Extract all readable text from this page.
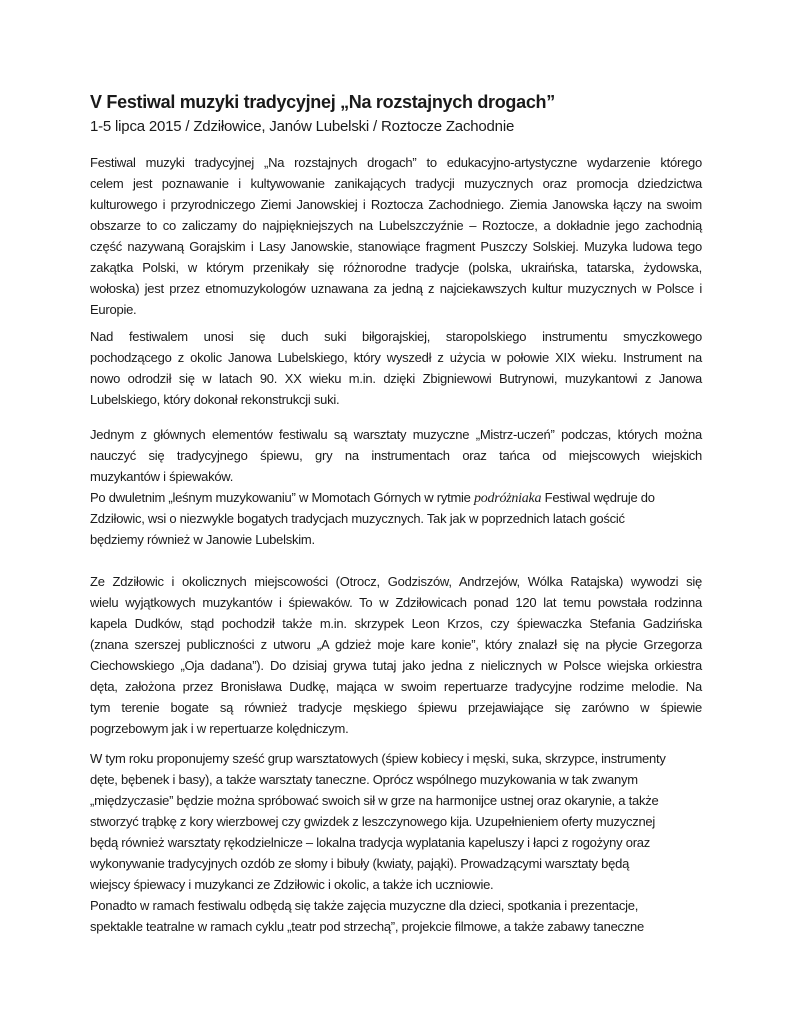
V Festiwal muzyki tradycyjnej „Na rozstajnych drogach”
1-5 lipca 2015 / Zdziłowice, Janów Lubelski / Roztocze Zachodnie
Festiwal muzyki tradycyjnej „Na rozstajnych drogach” to edukacyjno-artystyczne wydarzenie którego
celem jest poznawanie i kultywowanie zanikających tradycji muzycznych oraz promocja dziedzictwa
kulturowego i przyrodniczego Ziemi Janowskiej i Roztocza Zachodniego. Ziemia Janowska łączy na swoim
obszarze to co zaliczamy do najpiękniejszych na Lubelszczyźnie – Roztocze, a dokładnie jego zachodnią
część nazywaną Gorajskim i Lasy Janowskie, stanowiące fragment Puszczy Solskiej. Muzyka ludowa tego
zakątka Polski, w którym przenikały się różnorodne tradycje (polska, ukraińska, tatarska, żydowska,
wołoska) jest przez etnomuzykologów uznawana za jedną z najciekawszych kultur muzycznych w Polsce i
Europie.
Nad festiwalem unosi się duch suki biłgorajskiej, staropolskiego instrumentu smyczkowego
pochodzącego z okolic Janowa Lubelskiego, który wyszedł z użycia w połowie XIX wieku. Instrument na
nowo odrodził się w latach 90. XX wieku m.in. dzięki Zbigniewowi Butrynowi, muzykantowi z Janowa
Lubelskiego, który dokonał rekonstrukcji suki.
Jednym z głównych elementów festiwalu są warsztaty muzyczne „Mistrz-uczeń” podczas, których można
nauczyć się tradycyjnego śpiewu, gry na instrumentach oraz tańca od miejscowych wiejskich
muzykantów i śpiewaków.
Po dwuletnim „leśnym muzykowaniu” w Momotach Górnych w rytmie podróżniaka Festiwal wędruje do
Zdziłowic, wsi o niezwykle bogatych tradycjach muzycznych. Tak jak w poprzednich latach gościć
będziemy również w Janowie Lubelskim.
Ze Zdziłowic i okolicznych miejscowości (Otrocz, Godziszów, Andrzejów, Wólka Ratajska) wywodzi się
wielu wyjątkowych muzykantów i śpiewaków. To w Zdziłowicach ponad 120 lat temu powstała rodzinna
kapela Dudków, stąd pochodził także m.in. skrzypek Leon Krzos, czy śpiewaczka Stefania Gadzińska
(znana szerszej publiczności z utworu „A gdzież moje kare konie”, który znalazł się na płycie Grzegorza
Ciechowskiego „Oja dadana”). Do dzisiaj grywa tutaj jako jedna z nielicznych w Polsce wiejska orkiestra
dęta, założona przez Bronisława Dudkę, mająca w swoim repertuarze tradycyjne rodzime melodie. Na
tym terenie bogate są również tradycje męskiego śpiewu przejawiające się zarówno w śpiewie
pogrzebowym jak i w repertuarze kolędniczym.
W tym roku proponujemy sześć grup warsztatowych (śpiew kobiecy i męski, suka, skrzypce, instrumenty
dęte, bębenek i basy), a także warsztaty taneczne. Oprócz wspólnego muzykowania w tak zwanym
„międzyczasie” będzie można spróbować swoich sił w grze na harmonijce ustnej oraz okarynie, a także
stworzyć trąbkę z kory wierzbowej czy gwizdek z leszczynowego kija. Uzupełnieniem oferty muzycznej
będą również warsztaty rękodzielnicze – lokalna tradycja wyplatania kapeluszy i łapci z rogożyny oraz
wykonywanie tradycyjnych ozdób ze słomy i bibuły (kwiaty, pająki). Prowadzącymi warsztaty będą
wiejscy śpiewacy i muzykanci ze Zdziłowic i okolic, a także ich uczniowie.
Ponadto w ramach festiwalu odbędą się także zajęcia muzyczne dla dzieci, spotkania i prezentacje,
spektakle teatralne w ramach cyklu „teatr pod strzechą”, projekcie filmowe, a także zabawy taneczne
